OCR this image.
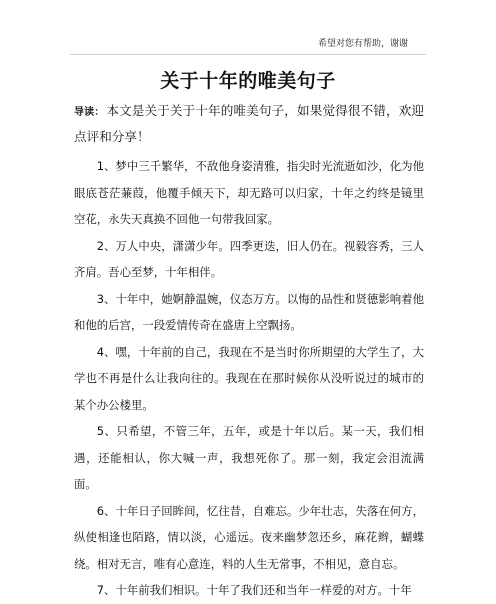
希望对您有帮助，谢谢
关于十年的唯美句子

导读： 本文是关于关于十年的唯美句子，如果觉得很不错，欢迎点评和分享！

1、梦中三千繁华，不敌他身姿清雅，指尖时光流逝如沙，化为他眼底苍茫蒹葭，他覆手倾天下，却无路可以归家，十年之约终是镜里空花，永失天真换不回他一句带我回家。

2、万人中央，潇潇少年。四季更迭，旧人仍在。视毅容秀，三人齐肩。吾心至梦，十年相伴。

3、十年中，她婀静温婉，仪态万方。以悔的品性和贤德影响着他和他的后宫，一段爱情传奇在盛唐上空飘扬。

4、嘿，十年前的自己，我现在不是当时你所期望的大学生了，大学也不再是什么让我向往的。我现在在那时候你从没听说过的城市的某个办公楼里。

5、只希望，不管三年，五年，或是十年以后。某一天，我们相遇，还能相认，你大喊一声，我想死你了。那一刻，我定会泪流满面。

6、十年日子回眸间，忆往昔，自难忘。少年壮志，失落在何方，纵使相逢也陌路，情以淡，心遥远。夜来幽梦忽还乡，麻花辫，蝴蝶绕。相对无言，唯有心意连，料的人生无常事，不相见，意自忘。

7、十年前我们相识。十年了我们还和当年一样爱的对方。十年
